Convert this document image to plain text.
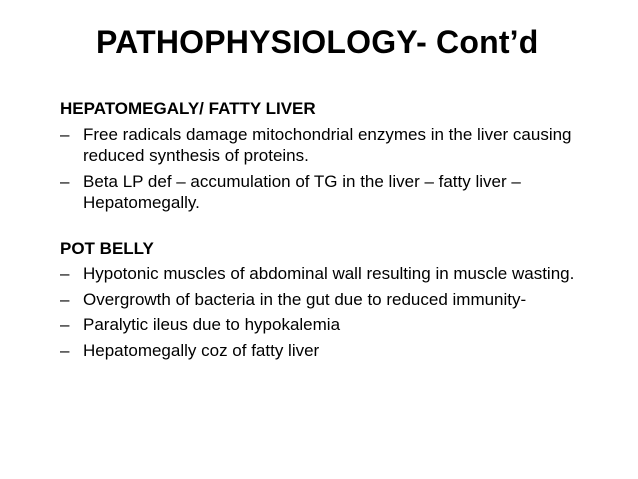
PATHOPHYSIOLOGY- Cont’d
HEPATOMEGALY/ FATTY LIVER
– Free radicals damage mitochondrial enzymes in the liver causing reduced synthesis of proteins.
– Beta LP def – accumulation of TG in the liver – fatty liver – Hepatomegally.
POT BELLY
– Hypotonic muscles of abdominal wall resulting in muscle wasting.
– Overgrowth of bacteria in the gut due to reduced immunity-
– Paralytic ileus due to hypokalemia
– Hepatomegally coz of fatty liver
